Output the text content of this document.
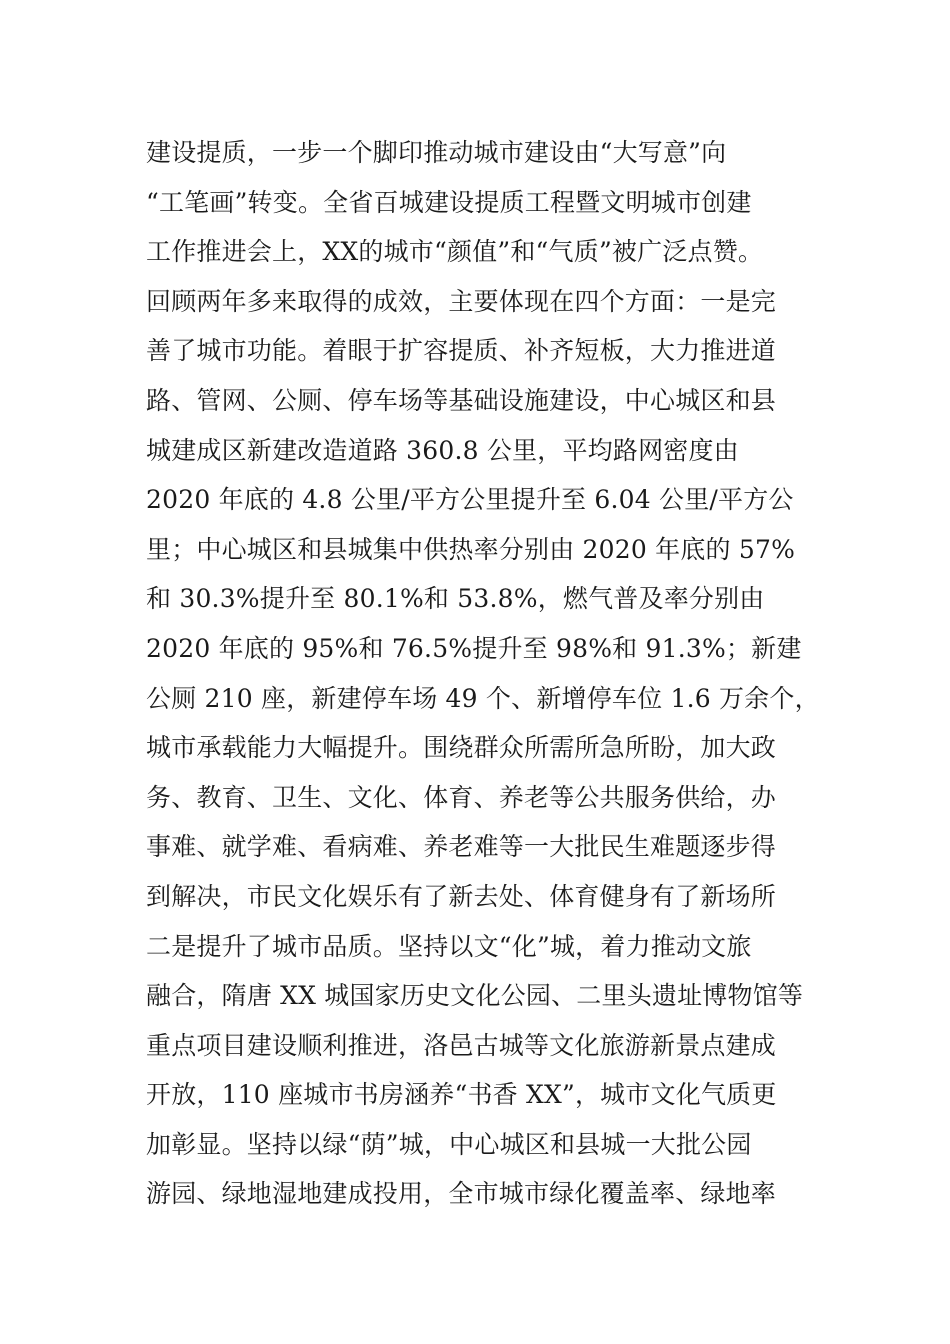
建设提质，一步一个脚印推动城市建设由“大写意”向
“工笔画”转变。全省百城建设提质工程暨文明城市创建
工作推进会上，XX的城市“颜值”和“气质”被广泛点赞。
回顾两年多来取得的成效，主要体现在四个方面：一是完
善了城市功能。着眼于扩容提质、补齐短板，大力推进道
路、管网、公厕、停车场等基础设施建设，中心城区和县
城建成区新建改造道路 360.8 公里，平均路网密度由
2020 年底的 4.8 公里/平方公里提升至 6.04 公里/平方公
里；中心城区和县城集中供热率分别由 2020 年底的 57%
和 30.3%提升至 80.1%和 53.8%，燃气普及率分别由
2020 年底的 95%和 76.5%提升至 98%和 91.3%；新建
公厕 210 座，新建停车场 49 个、新增停车位 1.6 万余个，
城市承载能力大幅提升。围绕群众所需所急所盼，加大政
务、教育、卫生、文化、体育、养老等公共服务供给，办
事难、就学难、看病难、养老难等一大批民生难题逐步得
到解决，市民文化娱乐有了新去处、体育健身有了新场所
二是提升了城市品质。坚持以文“化”城，着力推动文旅
融合，隋唐 XX 城国家历史文化公园、二里头遗址博物馆等
重点项目建设顺利推进，洛邑古城等文化旅游新景点建成
开放，110 座城市书房涵养“书香 XX”，城市文化气质更
加彰显。坚持以绿“荫”城，中心城区和县城一大批公园
游园、绿地湿地建成投用，全市城市绿化覆盖率、绿地率
